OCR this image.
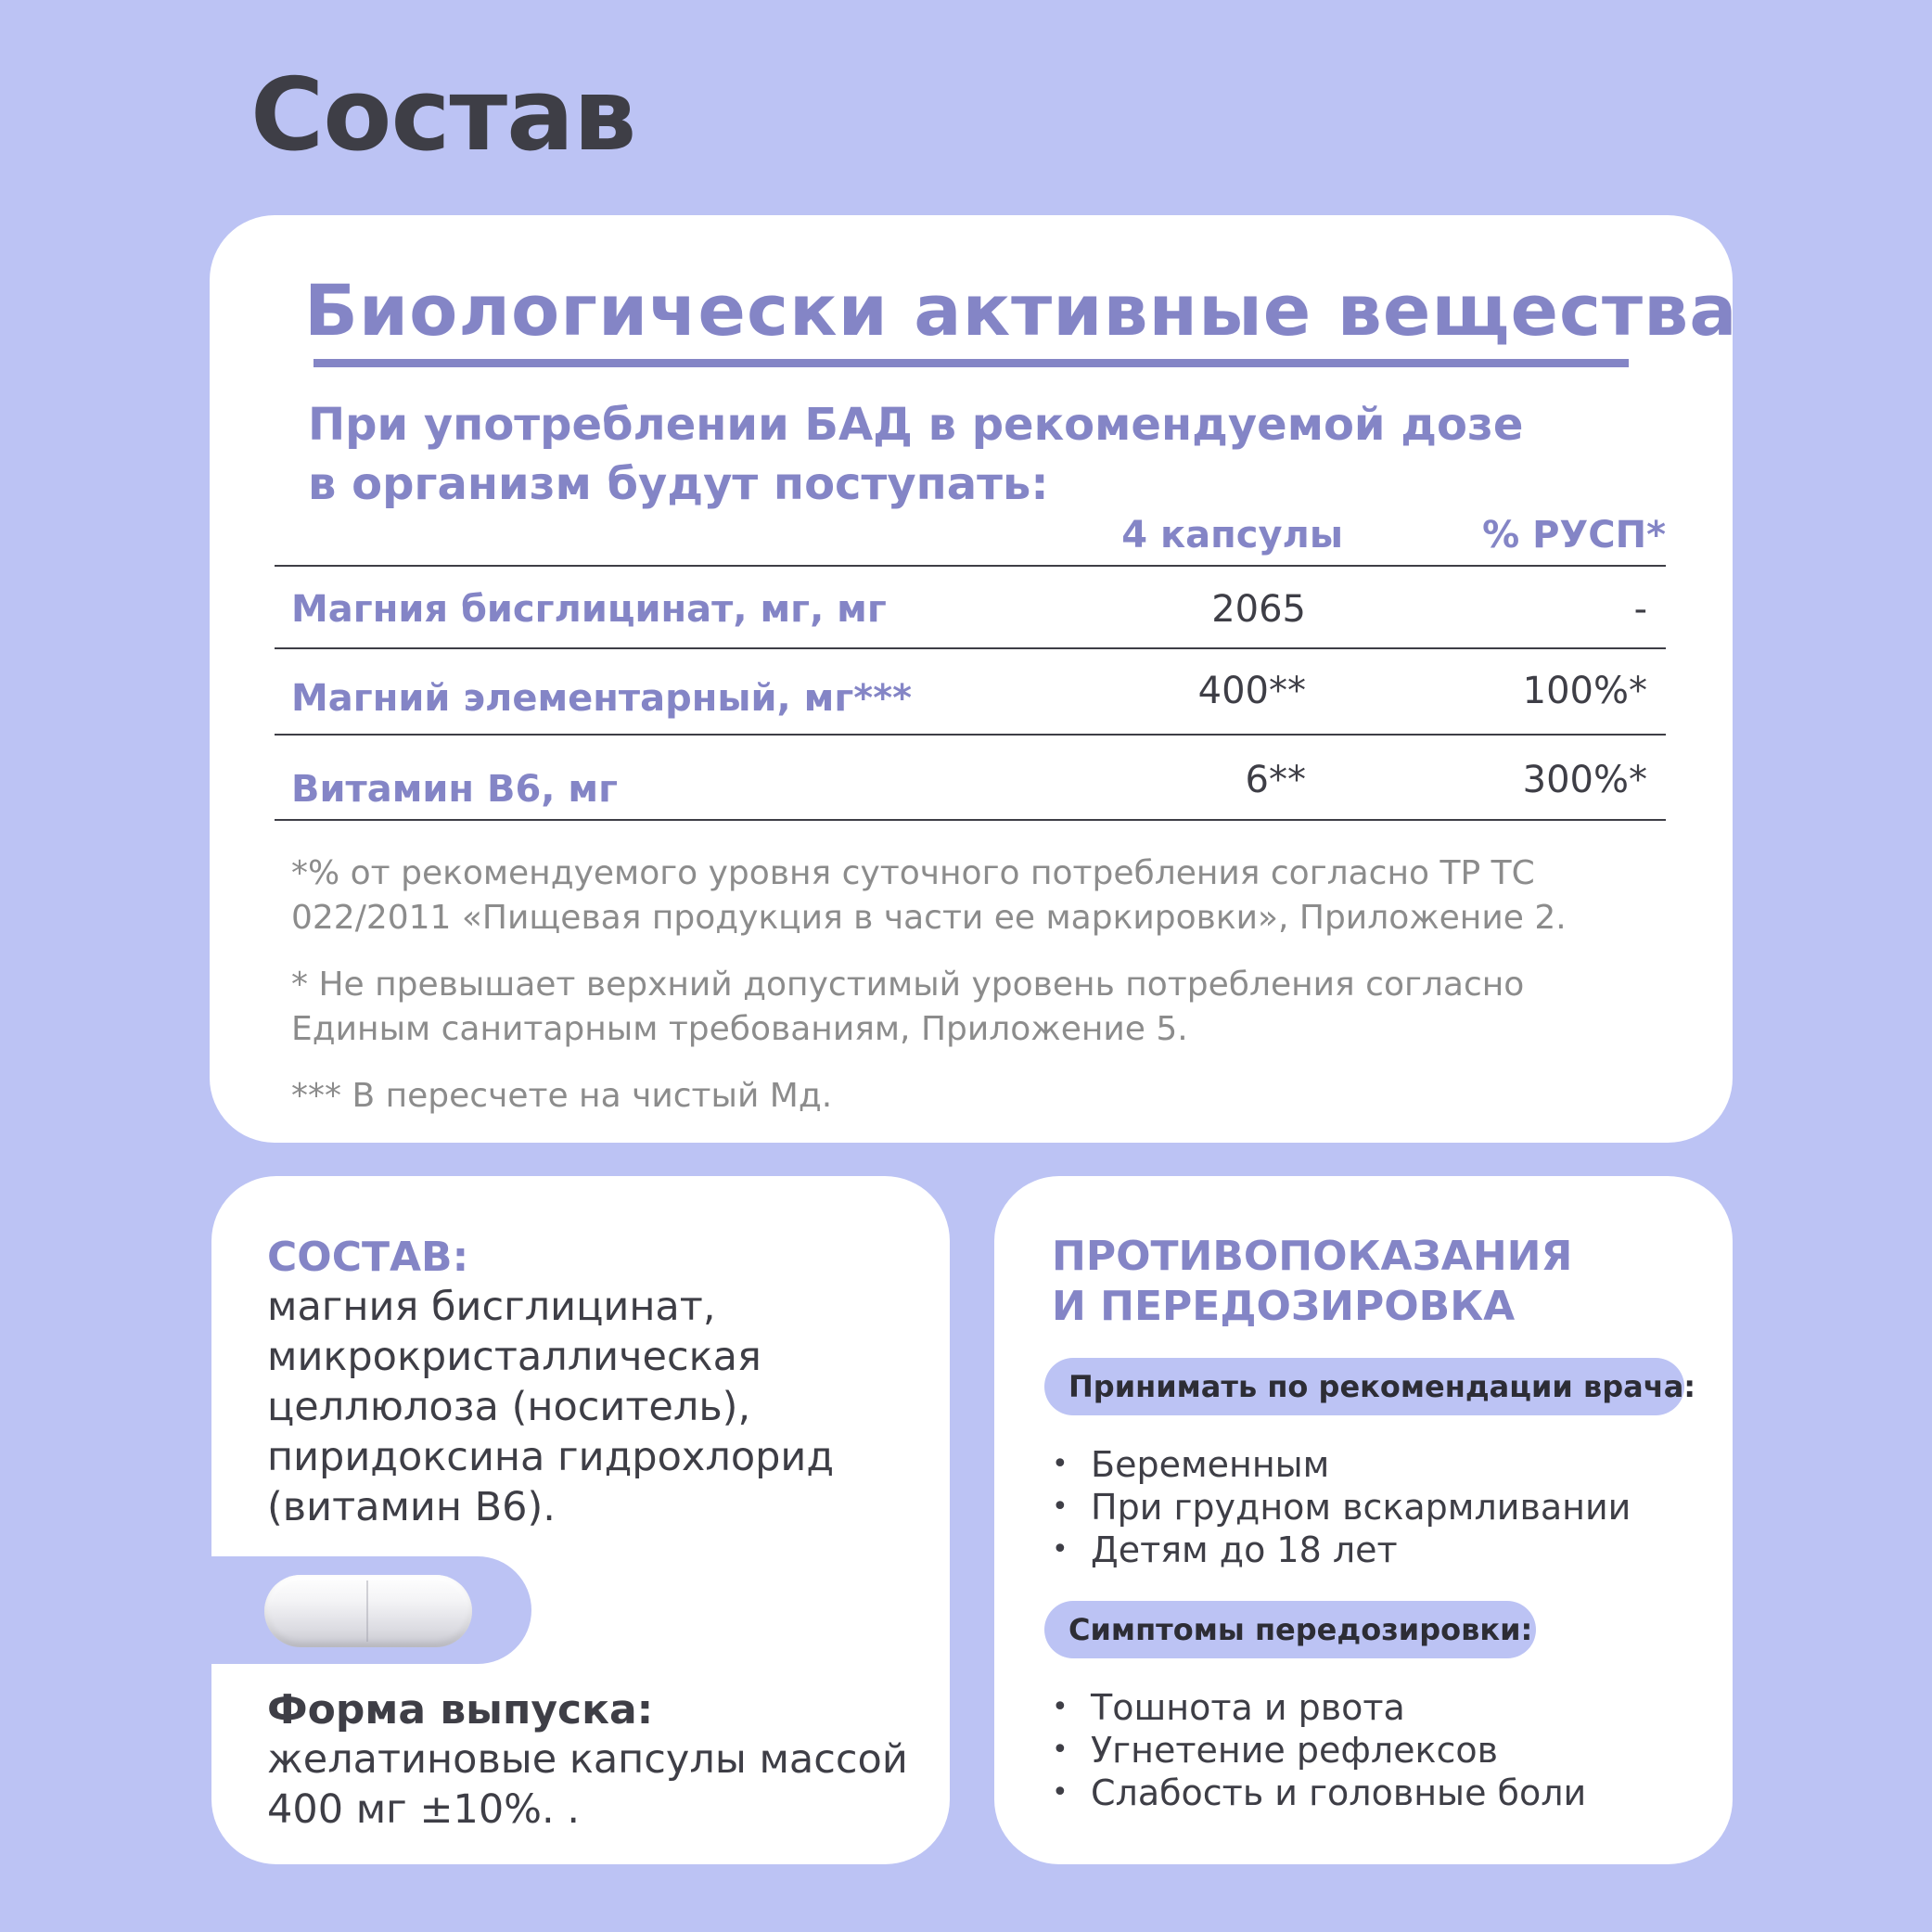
Состав
Биологически активные вещества
При употреблении БАД в рекомендуемой дозе
в организм будут поступать:
4 капсулы	% РУСП*
Магния бисглицинат, мг, мг	2065	-
Магний элементарный, мг***	400**	100%*
Витамин В6, мг	6**	300%*
*% от рекомендуемого уровня суточного потребления согласно ТР ТС 022/2011 «Пищевая продукция в части ее маркировки», Приложение 2.
* Не превышает верхний допустимый уровень потребления согласно Единым санитарным требованиям, Приложение 5.
*** В пересчете на чистый Мд.
СОСТАВ:
магния бисглицинат, микрокристаллическая целлюлоза (носитель), пиридоксина гидрохлорид (витамин В6).
Форма выпуска:
желатиновые капсулы массой 400 мг ±10%. .
ПРОТИВОПОКАЗАНИЯ
И ПЕРЕДОЗИРОВКА
Принимать по рекомендации врача:
• Беременным
• При грудном вскармливании
• Детям до 18 лет
Симптомы передозировки:
• Тошнота и рвота
• Угнетение рефлексов
• Слабость и головные боли
